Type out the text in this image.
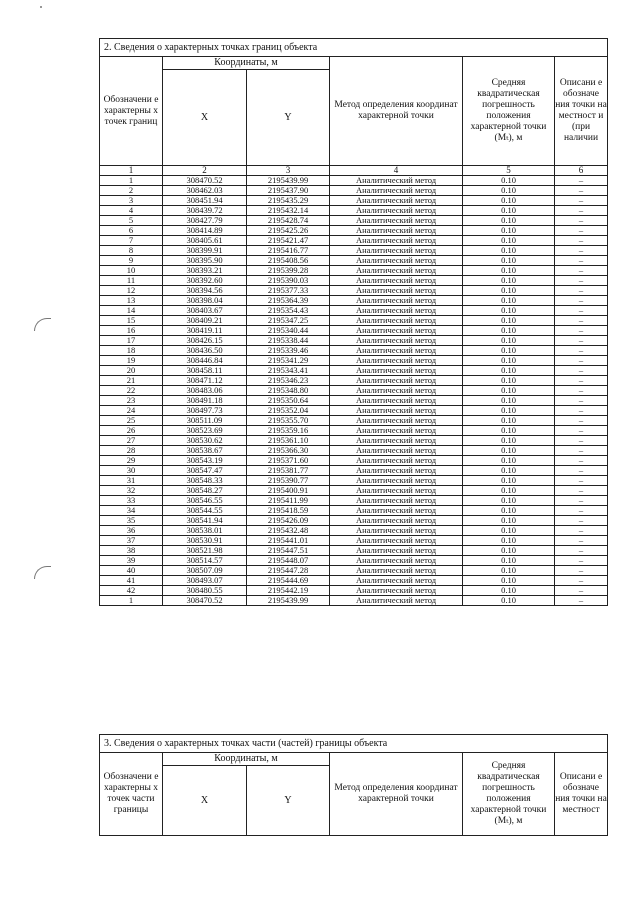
2. Сведения о характерных точках границ объекта					
Обозначени е характерны х точек границ	Координаты, м		Метод определения координат характерной точки	Средняя квадратическая погрешность положения характерной точки (Mₜ), м	Описани е обозначе ния точки на местност и (при наличии
	X	Y			
1	2	3	4	5	6
1	308470.52	2195439.99	Аналитический метод	0.10	–
2	308462.03	2195437.90	Аналитический метод	0.10	–
3	308451.94	2195435.29	Аналитический метод	0.10	–
4	308439.72	2195432.14	Аналитический метод	0.10	–
5	308427.79	2195428.74	Аналитический метод	0.10	–
6	308414.89	2195425.26	Аналитический метод	0.10	–
7	308405.61	2195421.47	Аналитический метод	0.10	–
8	308399.91	2195416.77	Аналитический метод	0.10	–
9	308395.90	2195408.56	Аналитический метод	0.10	–
10	308393.21	2195399.28	Аналитический метод	0.10	–
11	308392.60	2195390.03	Аналитический метод	0.10	–
12	308394.56	2195377.33	Аналитический метод	0.10	–
13	308398.04	2195364.39	Аналитический метод	0.10	–
14	308403.67	2195354.43	Аналитический метод	0.10	–
15	308409.21	2195347.25	Аналитический метод	0.10	–
16	308419.11	2195340.44	Аналитический метод	0.10	–
17	308426.15	2195338.44	Аналитический метод	0.10	–
18	308436.50	2195339.46	Аналитический метод	0.10	–
19	308446.84	2195341.29	Аналитический метод	0.10	–
20	308458.11	2195343.41	Аналитический метод	0.10	–
21	308471.12	2195346.23	Аналитический метод	0.10	–
22	308483.06	2195348.80	Аналитический метод	0.10	–
23	308491.18	2195350.64	Аналитический метод	0.10	–
24	308497.73	2195352.04	Аналитический метод	0.10	–
25	308511.09	2195355.70	Аналитический метод	0.10	–
26	308523.69	2195359.16	Аналитический метод	0.10	–
27	308530.62	2195361.10	Аналитический метод	0.10	–
28	308538.67	2195366.30	Аналитический метод	0.10	–
29	308543.19	2195371.60	Аналитический метод	0.10	–
30	308547.47	2195381.77	Аналитический метод	0.10	–
31	308548.33	2195390.77	Аналитический метод	0.10	–
32	308548.27	2195400.91	Аналитический метод	0.10	–
33	308546.55	2195411.99	Аналитический метод	0.10	–
34	308544.55	2195418.59	Аналитический метод	0.10	–
35	308541.94	2195426.09	Аналитический метод	0.10	–
36	308538.01	2195432.48	Аналитический метод	0.10	–
37	308530.91	2195441.01	Аналитический метод	0.10	–
38	308521.98	2195447.51	Аналитический метод	0.10	–
39	308514.57	2195448.07	Аналитический метод	0.10	–
40	308507.09	2195447.28	Аналитический метод	0.10	–
41	308493.07	2195444.69	Аналитический метод	0.10	–
42	308480.55	2195442.19	Аналитический метод	0.10	–
1	308470.52	2195439.99	Аналитический метод	0.10	–
3. Сведения о характерных точках части (частей) границы объекта					
Обозначени е характерны х точек части границы	Координаты, м		Метод определения координат характерной точки	Средняя квадратическая погрешность положения характерной точки (Mₜ), м	Описани е обозначе ния точки на местност
	X	Y			
